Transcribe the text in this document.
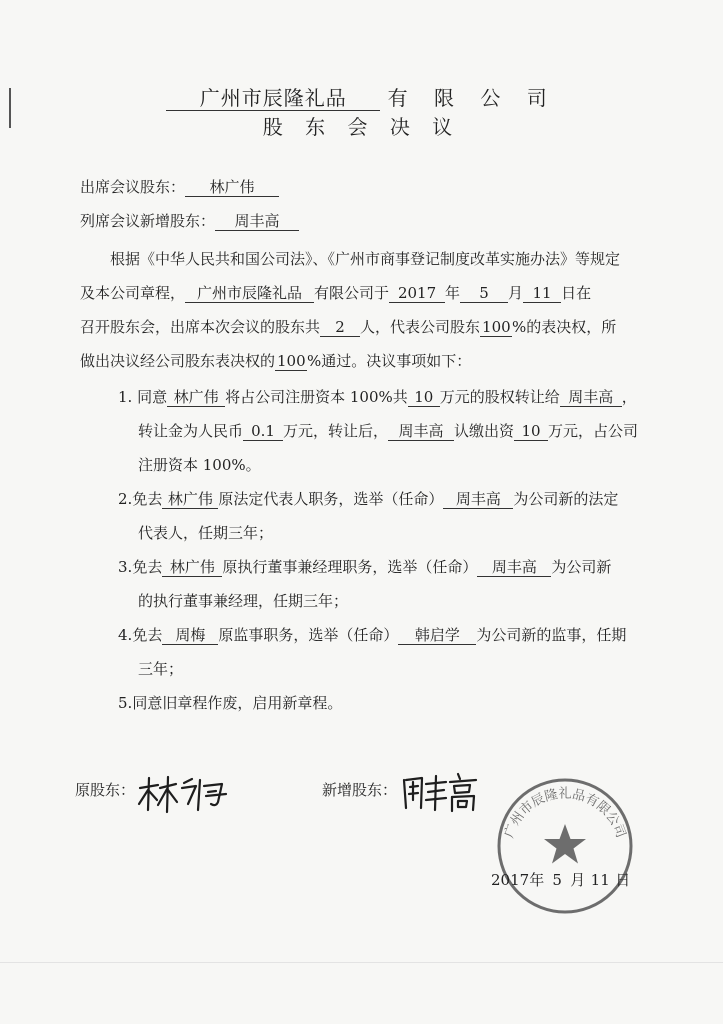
广州市辰隆礼品 有 限 公 司
股 东 会 决 议
出席会议股东： 林广伟
列席会议新增股东： 周丰高
根据《中华人民共和国公司法》、《广州市商事登记制度改革实施办法》等规定
及本公司章程， 广州市辰隆礼品 有限公司于 2017 年 5 月 11 日在
召开股东会，出席本次会议的股东共 2 人，代表公司股东 100%的表决权，所
做出决议经公司股东表决权的 100%通过。决议事项如下：
1. 同意 林广伟 将占公司注册资本 100%共 10 万元的股权转让给 周丰高 ，
转让金为人民币 0.1 万元，转让后， 周丰高 认缴出资 10 万元，占公司
注册资本 100%。
2.免去 林广伟 原法定代表人职务，选举（任命） 周丰高 为公司新的法定
代表人，任期三年；
3.免去 林广伟 原执行董事兼经理职务，选举（任命） 周丰高 为公司新
的执行董事兼经理，任期三年；
4.免去 周梅 原监事职务，选举（任命） 韩启学 为公司新的监事，任期
三年；
5.同意旧章程作废，启用新章程。
原股东：	新增股东：
广州市辰隆礼品有限公司
2017年 5 月 11 日
